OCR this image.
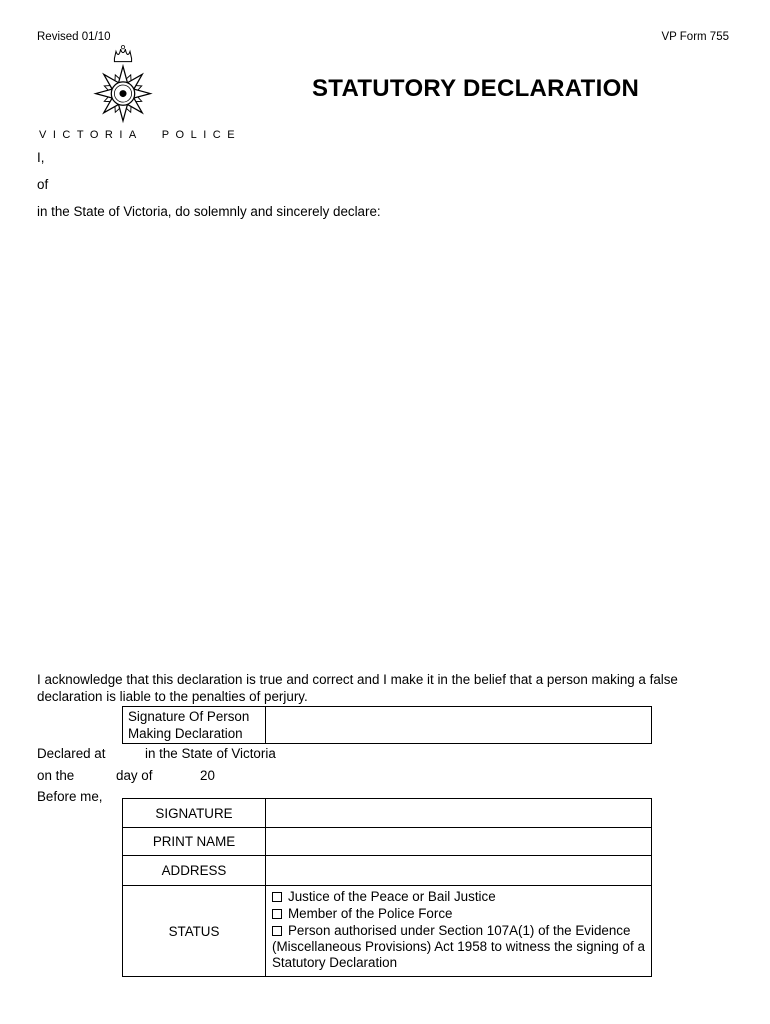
Revised 01/10	VP Form 755
VICTORIA POLICE
STATUTORY DECLARATION
I,
of
in the State of Victoria, do solemnly and sincerely declare:
I acknowledge that this declaration is true and correct and I make it in the belief that a person making a false declaration is liable to the penalties of perjury.
Signature Of Person Making Declaration
Declared at	in the State of Victoria
on the	day of	20
Before me,
SIGNATURE
PRINT NAME
ADDRESS
STATUS
Justice of the Peace or Bail Justice
Member of the Police Force
Person authorised under Section 107A(1) of the Evidence (Miscellaneous Provisions) Act 1958 to witness the signing of a Statutory Declaration
